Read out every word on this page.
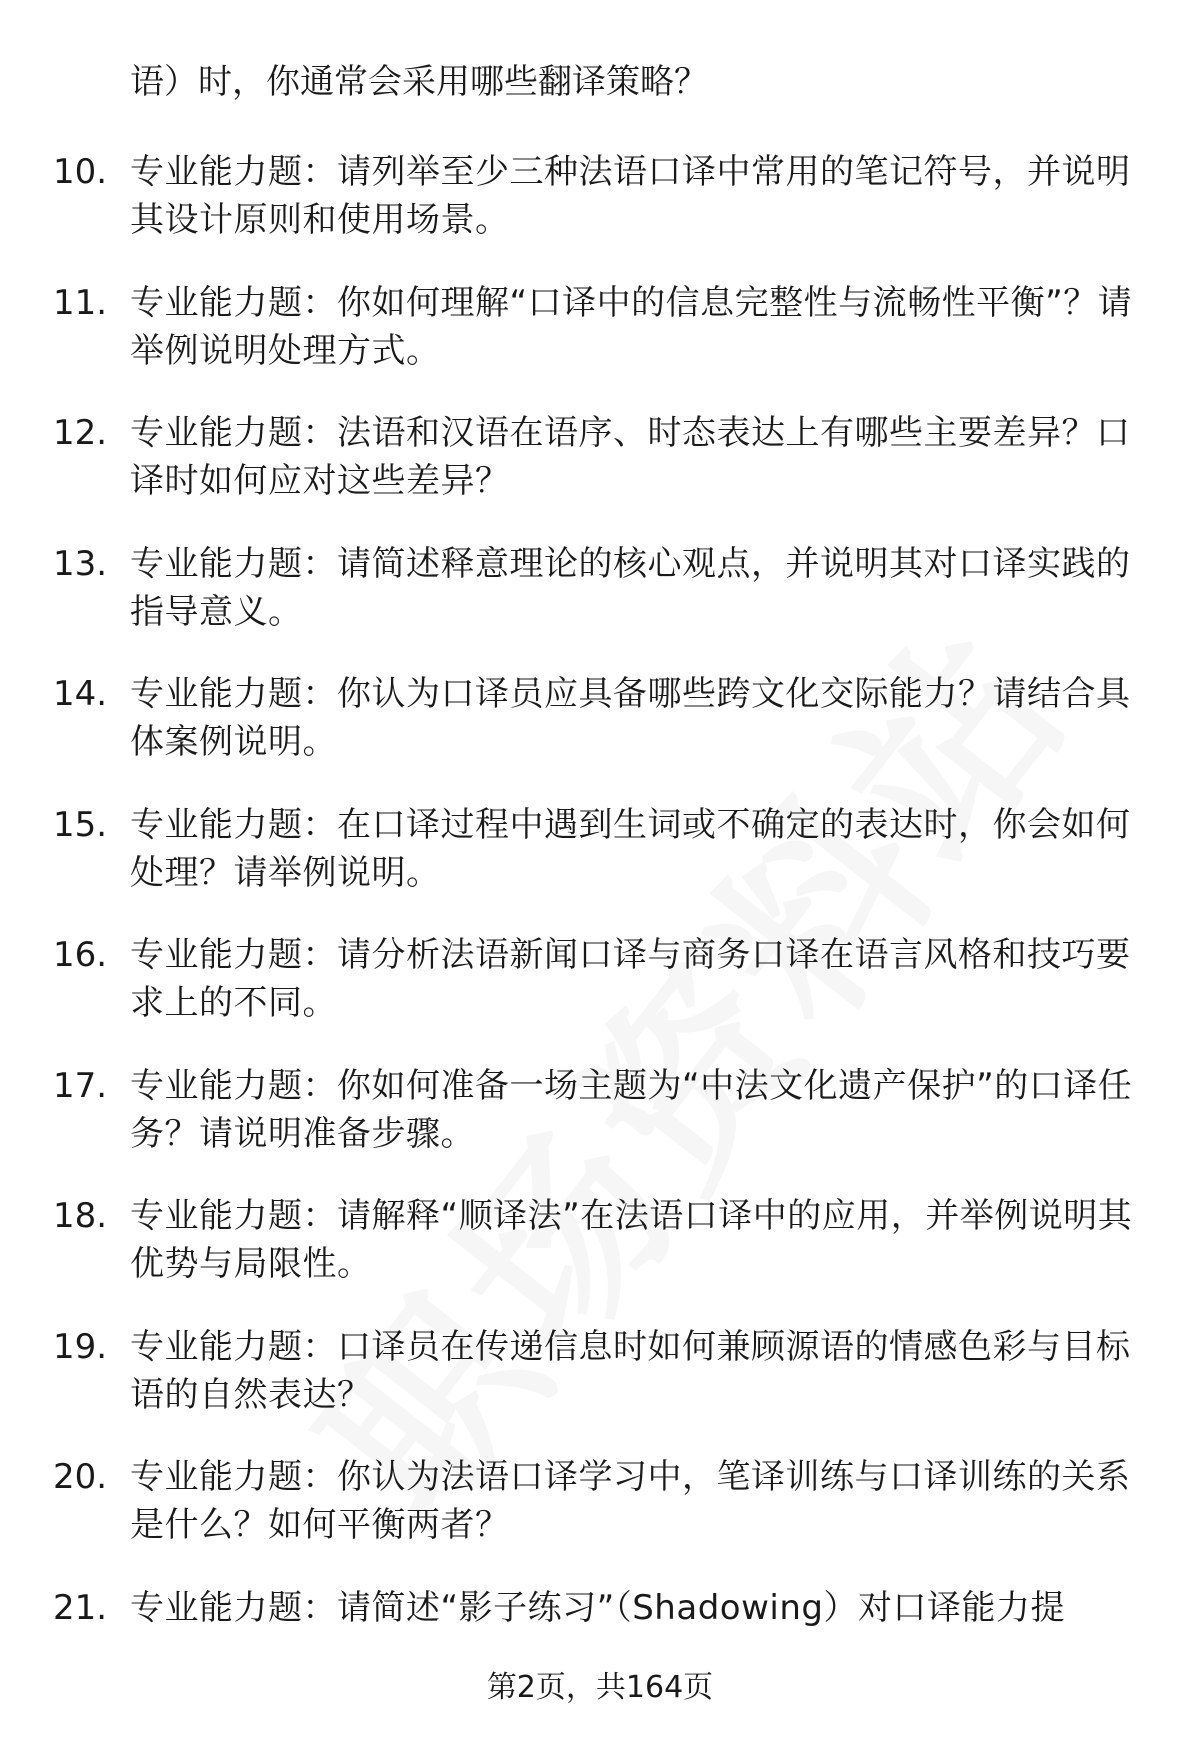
语）时，你通常会采用哪些翻译策略？
10. 专业能力题：请列举至少三种法语口译中常用的笔记符号，并说明其设计原则和使用场景。
11. 专业能力题：你如何理解“口译中的信息完整性与流畅性平衡”？请举例说明处理方式。
12. 专业能力题：法语和汉语在语序、时态表达上有哪些主要差异？口译时如何应对这些差异？
13. 专业能力题：请简述释意理论的核心观点，并说明其对口译实践的指导意义。
14. 专业能力题：你认为口译员应具备哪些跨文化交际能力？请结合具体案例说明。
15. 专业能力题：在口译过程中遇到生词或不确定的表达时，你会如何处理？请举例说明。
16. 专业能力题：请分析法语新闻口译与商务口译在语言风格和技巧要求上的不同。
17. 专业能力题：你如何准备一场主题为“中法文化遗产保护”的口译任务？请说明准备步骤。
18. 专业能力题：请解释“顺译法”在法语口译中的应用，并举例说明其优势与局限性。
19. 专业能力题：口译员在传递信息时如何兼顾源语的情感色彩与目标语的自然表达？
20. 专业能力题：你认为法语口译学习中，笔译训练与口译训练的关系是什么？如何平衡两者？
21. 专业能力题：请简述“影子练习”（Shadowing）对口译能力提
第2页，共164页
